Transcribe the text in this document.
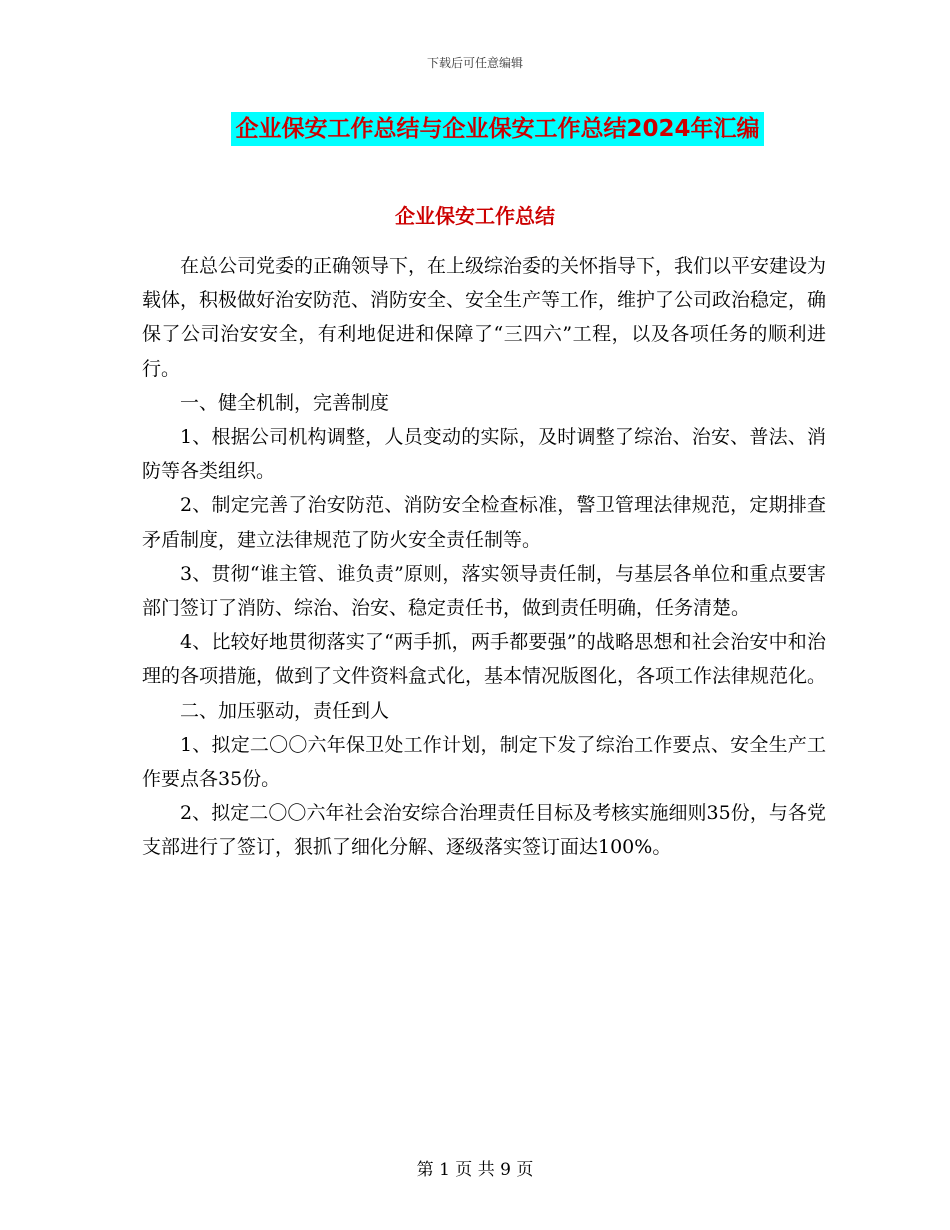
下载后可任意编辑
企业保安工作总结与企业保安工作总结2024年汇编
企业保安工作总结

在总公司党委的正确领导下，在上级综治委的关怀指导下，我们以平安建设为载体，积极做好治安防范、消防安全、安全生产等工作，维护了公司政治稳定，确保了公司治安安全，有利地促进和保障了“三四六”工程，以及各项任务的顺利进行。

一、健全机制，完善制度

1、根据公司机构调整，人员变动的实际，及时调整了综治、治安、普法、消防等各类组织。

2、制定完善了治安防范、消防安全检查标准，警卫管理法律规范，定期排查矛盾制度，建立法律规范了防火安全责任制等。

3、贯彻“谁主管、谁负责”原则，落实领导责任制，与基层各单位和重点要害部门签订了消防、综治、治安、稳定责任书，做到责任明确，任务清楚。

4、比较好地贯彻落实了“两手抓，两手都要强”的战略思想和社会治安中和治理的各项措施，做到了文件资料盒式化，基本情况版图化，各项工作法律规范化。

二、加压驱动，责任到人

1、拟定二〇〇六年保卫处工作计划，制定下发了综治工作要点、安全生产工作要点各35份。

2、拟定二〇〇六年社会治安综合治理责任目标及考核实施细则35份，与各党支部进行了签订，狠抓了细化分解、逐级落实签订面达100%。

第 1 页 共 9 页
